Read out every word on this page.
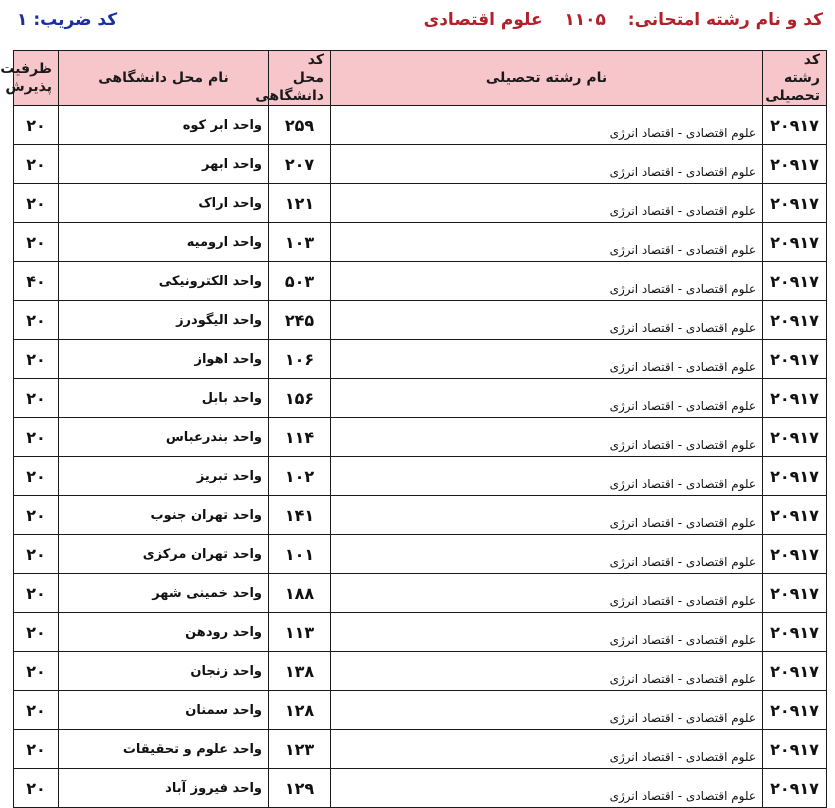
کد و نام رشته امتحانی:  ۱۱۰۵  علوم اقتصادی
کد ضریب: ۱
کد رشته تحصیلی	نام رشته تحصیلی	کد محل دانشگاهی	نام محل دانشگاهی	ظرفیت پذیرش
۲۰۹۱۷	علوم اقتصادی - اقتصاد انرژی	۲۵۹	واحد ابر کوه	۲۰
۲۰۹۱۷	علوم اقتصادی - اقتصاد انرژی	۲۰۷	واحد ابهر	۲۰
۲۰۹۱۷	علوم اقتصادی - اقتصاد انرژی	۱۲۱	واحد اراک	۲۰
۲۰۹۱۷	علوم اقتصادی - اقتصاد انرژی	۱۰۳	واحد ارومیه	۲۰
۲۰۹۱۷	علوم اقتصادی - اقتصاد انرژی	۵۰۳	واحد الکترونیکی	۴۰
۲۰۹۱۷	علوم اقتصادی - اقتصاد انرژی	۲۴۵	واحد الیگودرز	۲۰
۲۰۹۱۷	علوم اقتصادی - اقتصاد انرژی	۱۰۶	واحد اهواز	۲۰
۲۰۹۱۷	علوم اقتصادی - اقتصاد انرژی	۱۵۶	واحد بابل	۲۰
۲۰۹۱۷	علوم اقتصادی - اقتصاد انرژی	۱۱۴	واحد بندرعباس	۲۰
۲۰۹۱۷	علوم اقتصادی - اقتصاد انرژی	۱۰۲	واحد تبریز	۲۰
۲۰۹۱۷	علوم اقتصادی - اقتصاد انرژی	۱۴۱	واحد تهران جنوب	۲۰
۲۰۹۱۷	علوم اقتصادی - اقتصاد انرژی	۱۰۱	واحد تهران مرکزی	۲۰
۲۰۹۱۷	علوم اقتصادی - اقتصاد انرژی	۱۸۸	واحد خمینی شهر	۲۰
۲۰۹۱۷	علوم اقتصادی - اقتصاد انرژی	۱۱۳	واحد رودهن	۲۰
۲۰۹۱۷	علوم اقتصادی - اقتصاد انرژی	۱۳۸	واحد زنجان	۲۰
۲۰۹۱۷	علوم اقتصادی - اقتصاد انرژی	۱۲۸	واحد سمنان	۲۰
۲۰۹۱۷	علوم اقتصادی - اقتصاد انرژی	۱۲۳	واحد علوم و تحقیقات	۲۰
۲۰۹۱۷	علوم اقتصادی - اقتصاد انرژی	۱۲۹	واحد فیروز آباد	۲۰
